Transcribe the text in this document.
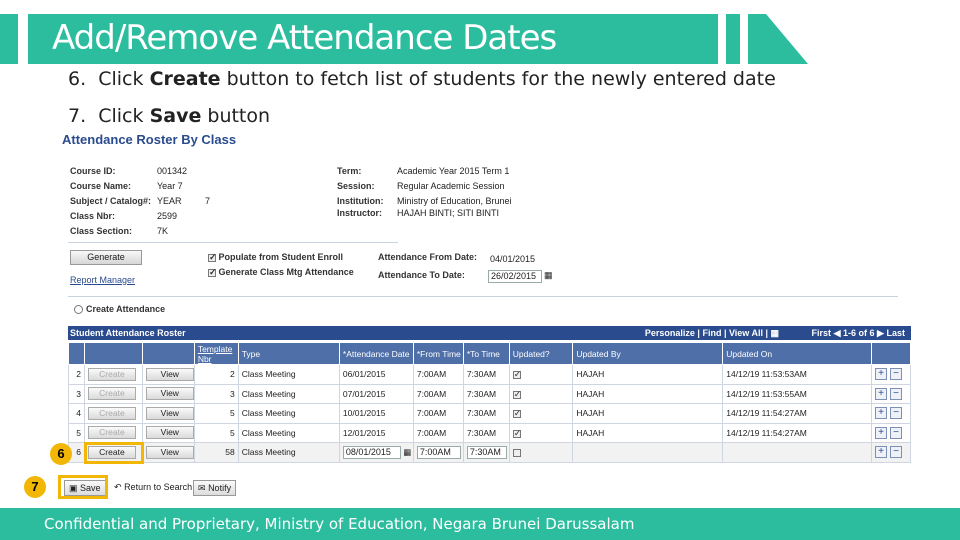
Add/Remove Attendance Dates
6. Click Create button to fetch list of students for the newly entered date
7. Click Save button
Attendance Roster By Class
Course ID:	001342
Course Name:	Year 7
Subject / Catalog#: YEAR	7
Class Nbr:	2599
Class Section:	7K
Term:	Academic Year 2015 Term 1
Session: Regular Academic Session
Institution: Ministry of Education, Brunei
Instructor: HAJAH BINTI; SITI BINTI
Generate
Report Manager
✓ Populate from Student Enroll
✓ Generate Class Mtg Attendance
Attendance From Date: 04/01/2015
Attendance To Date:	26/02/2015 ▦
Create Attendance
Student Attendance Roster	Personalize | Find | View All | ▦	First ◀ 1-6 of 6 ▶ Last
			Template Nbr	Type	*Attendance Date	*From Time	*To Time	Updated?	Updated By	Updated On	
2	Create	View	2	Class Meeting	06/01/2015	7:00AM	7:30AM	✓	HAJAH	14/12/19 11:53:53AM	+ −
3	Create	View	3	Class Meeting	07/01/2015	7:00AM	7:30AM	✓	HAJAH	14/12/19 11:53:55AM	+ −
4	Create	View	5	Class Meeting	10/01/2015	7:00AM	7:30AM	✓	HAJAH	14/12/19 11:54:27AM	+ −
5	Create	View	5	Class Meeting	12/01/2015	7:00AM	7:30AM	✓	HAJAH	14/12/19 11:54:27AM	+ −
6	Create	View	58	Class Meeting	08/01/2015 ▦	7:00AM	7:30AM				+ −
▣ Save	↶ Return to Search ✉ Notify
6
7
Confidential and Proprietary, Ministry of Education, Negara Brunei Darussalam
